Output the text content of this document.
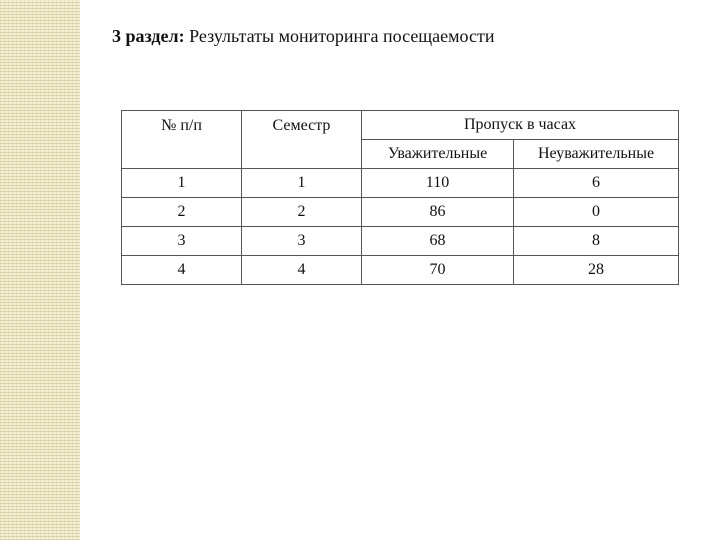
3 раздел: Результаты мониторинга посещаемости
№ п/п	Семестр	Пропуск в часах	
		Уважительные	Неуважительные
1	1	110	6
2	2	86	0
3	3	68	8
4	4	70	28
